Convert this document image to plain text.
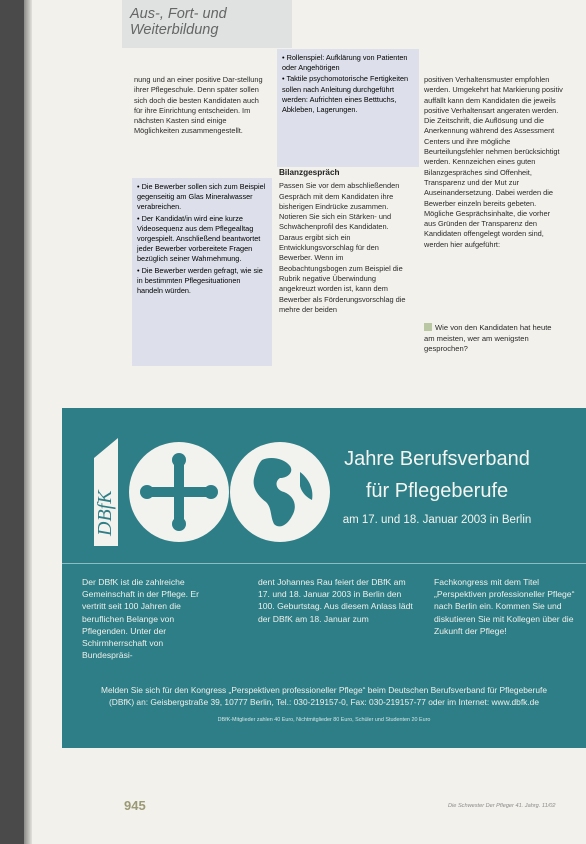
Aus-, Fort- und
Weiterbildung

nung und an einer positive Dar-stellung ihrer Pflegeschule. Denn später sollen sich doch die besten Kandidaten auch für ihre Einrichtung entscheiden. Im nächsten Kasten sind einige Möglichkeiten zusammengestellt.

• Die Bewerber sollen sich zum Beispiel gegenseitig am Glas Mineralwasser verabreichen.

• Der Kandidat/in wird eine kurze Videosequenz aus dem Pflegealltag vorgespielt. Anschließend beantwortet jeder Bewerber vorbereitete Fragen bezüglich seiner Wahrnehmung.

• Die Bewerber werden gefragt, wie sie in bestimmten Pflegesituationen handeln würden.

• Rollenspiel: Aufklärung von Patienten oder Angehörigen

• Taktile psychomotorische Fertigkeiten sollen nach Anleitung durchgeführt werden: Aufrichten eines Betttuchs, Abkleben, Lagerungen.

Bilanzgespräch

Passen Sie vor dem abschließenden Gespräch mit dem Kandidaten ihre bisherigen Eindrücke zusammen. Notieren Sie sich ein Stärken- und Schwächenprofil des Kandidaten. Daraus ergibt sich ein Entwicklungsvorschlag für den Bewerber. Wenn im Beobachtungsbogen zum Beispiel die Rubrik negative Überwindung angekreuzt worden ist, kann dem Bewerber als Förderungsvorschlag die mehre der beiden

positiven Verhaltensmuster empfohlen werden. Umgekehrt hat Markierung positiv auffällt kann dem Kandidaten die jeweils positive Verhaltensart angeraten werden. Die Zeitschrift, die Auflösung und die Anerkennung während des Assessment Centers und ihre mögliche Beurteilungsfehler nehmen berücksichtigt werden. Kennzeichen eines guten Bilanzgespräches sind Offenheit, Transparenz und der Mut zur Auseinandersetzung. Dabei werden die Bewerber einzeln bereits gebeten. Mögliche Gesprächsinhalte, die vorher aus Gründen der Transparenz den Kandidaten offengelegt worden sind, werden hier aufgeführt:

Wie von den Kandidaten hat heute am meisten, wer am wenigsten gesprochen?
DBfK
Jahre Berufsverband
für Pflegeberufe
am 17. und 18. Januar 2003 in Berlin
Der DBfK ist die zahlreiche Gemeinschaft in der Pflege. Er vertritt seit 100 Jahren die beruflichen Belange von Pflegenden. Unter der Schirmherrschaft von Bundespräsi-
dent Johannes Rau feiert der DBfK am 17. und 18. Januar 2003 in Berlin den 100. Geburtstag. Aus diesem Anlass lädt der DBfK am 18. Januar zum
Fachkongress mit dem Titel „Perspektiven professioneller Pflege“ nach Berlin ein. Kommen Sie und diskutieren Sie mit Kollegen über die Zukunft der Pflege!
Melden Sie sich für den Kongress „Perspektiven professioneller Pflege“ beim Deutschen Berufsverband für Pflegeberufe (DBfK) an: Geisbergstraße 39, 10777 Berlin, Tel.: 030-219157-0, Fax: 030-219157-77 oder im Internet: www.dbfk.de
DBfK-Mitglieder zahlen 40 Euro, Nichtmitglieder 80 Euro, Schüler und Studenten 20 Euro
945	Die Schwester Der Pfleger 41. Jahrg. 11/02
